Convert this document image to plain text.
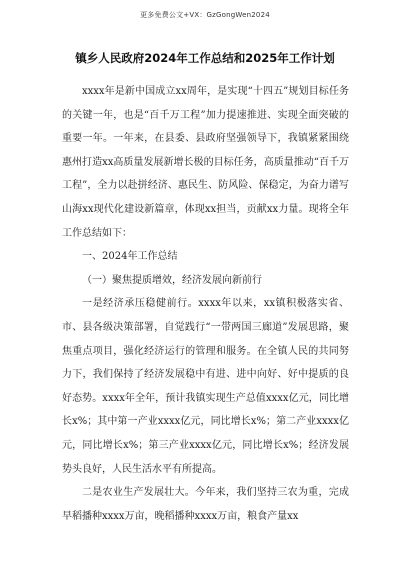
更多免费公文+VX：GzGongWen2024
镇乡人民政府2024年工作总结和2025年工作计划

xxxx年是新中国成立xx周年，是实现“十四五”规划目标任务的关键一年，也是“百千万工程”加力提速推进、实现全面突破的重要一年。一年来，在县委、县政府坚强领导下，我镇紧紧围绕惠州打造xx高质量发展新增长极的目标任务，高质量推动“百千万工程”，全力以赴拼经济、惠民生、防风险、保稳定，为奋力谱写山海xx现代化建设新篇章，体现xx担当，贡献xx力量。现将全年工作总结如下：

一、2024年工作总结

（一）聚焦提质增效，经济发展向新前行

一是经济承压稳健前行。xxxx年以来，xx镇积极落实省、市、县各级决策部署，自觉践行“一带两国三廊道”发展思路，聚焦重点项目，强化经济运行的管理和服务。在全镇人民的共同努力下，我们保持了经济发展稳中有进、进中向好、好中提质的良好态势。xxxx年全年，预计我镇实现生产总值xxxx亿元，同比增长x%；其中第一产业xxxx亿元，同比增长x%；第二产业xxxx亿元，同比增长x%；第三产业xxxx亿元，同比增长x%；经济发展势头良好，人民生活水平有所提高。

二是农业生产发展壮大。今年来，我们坚持三农为重，完成早稻播种xxxx万亩，晚稻播种xxxx万亩，粮食产量xx
